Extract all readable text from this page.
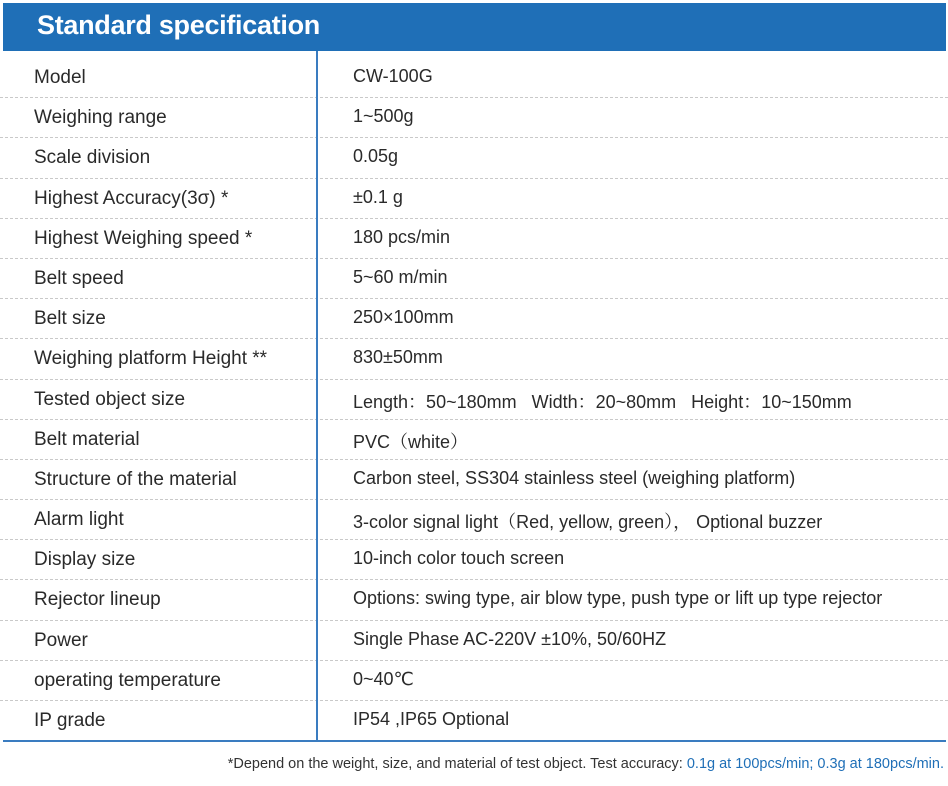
Standard specification
Model	CW-100G
Weighing range	1~500g
Scale division	0.05g
Highest Accuracy(3σ) *	±0.1 g
Highest Weighing speed *	180 pcs/min
Belt speed	5~60 m/min
Belt size	250×100mm
Weighing platform Height **	830±50mm
Tested object size	Length：50~180mm   Width：20~80mm   Height：10~150mm
Belt material	PVC（white）
Structure of the material	Carbon steel, SS304 stainless steel (weighing platform)
Alarm light	3-color signal light（Red, yellow, green）， Optional buzzer
Display size	10-inch color touch screen
Rejector lineup	Options: swing type, air blow type, push type or lift up type rejector
Power	Single Phase AC-220V ±10%, 50/60HZ
operating temperature	0~40℃
IP grade	IP54 ,IP65 Optional
*Depend on the weight, size, and material of test object. Test accuracy: 0.1g at 100pcs/min; 0.3g at 180pcs/min.
